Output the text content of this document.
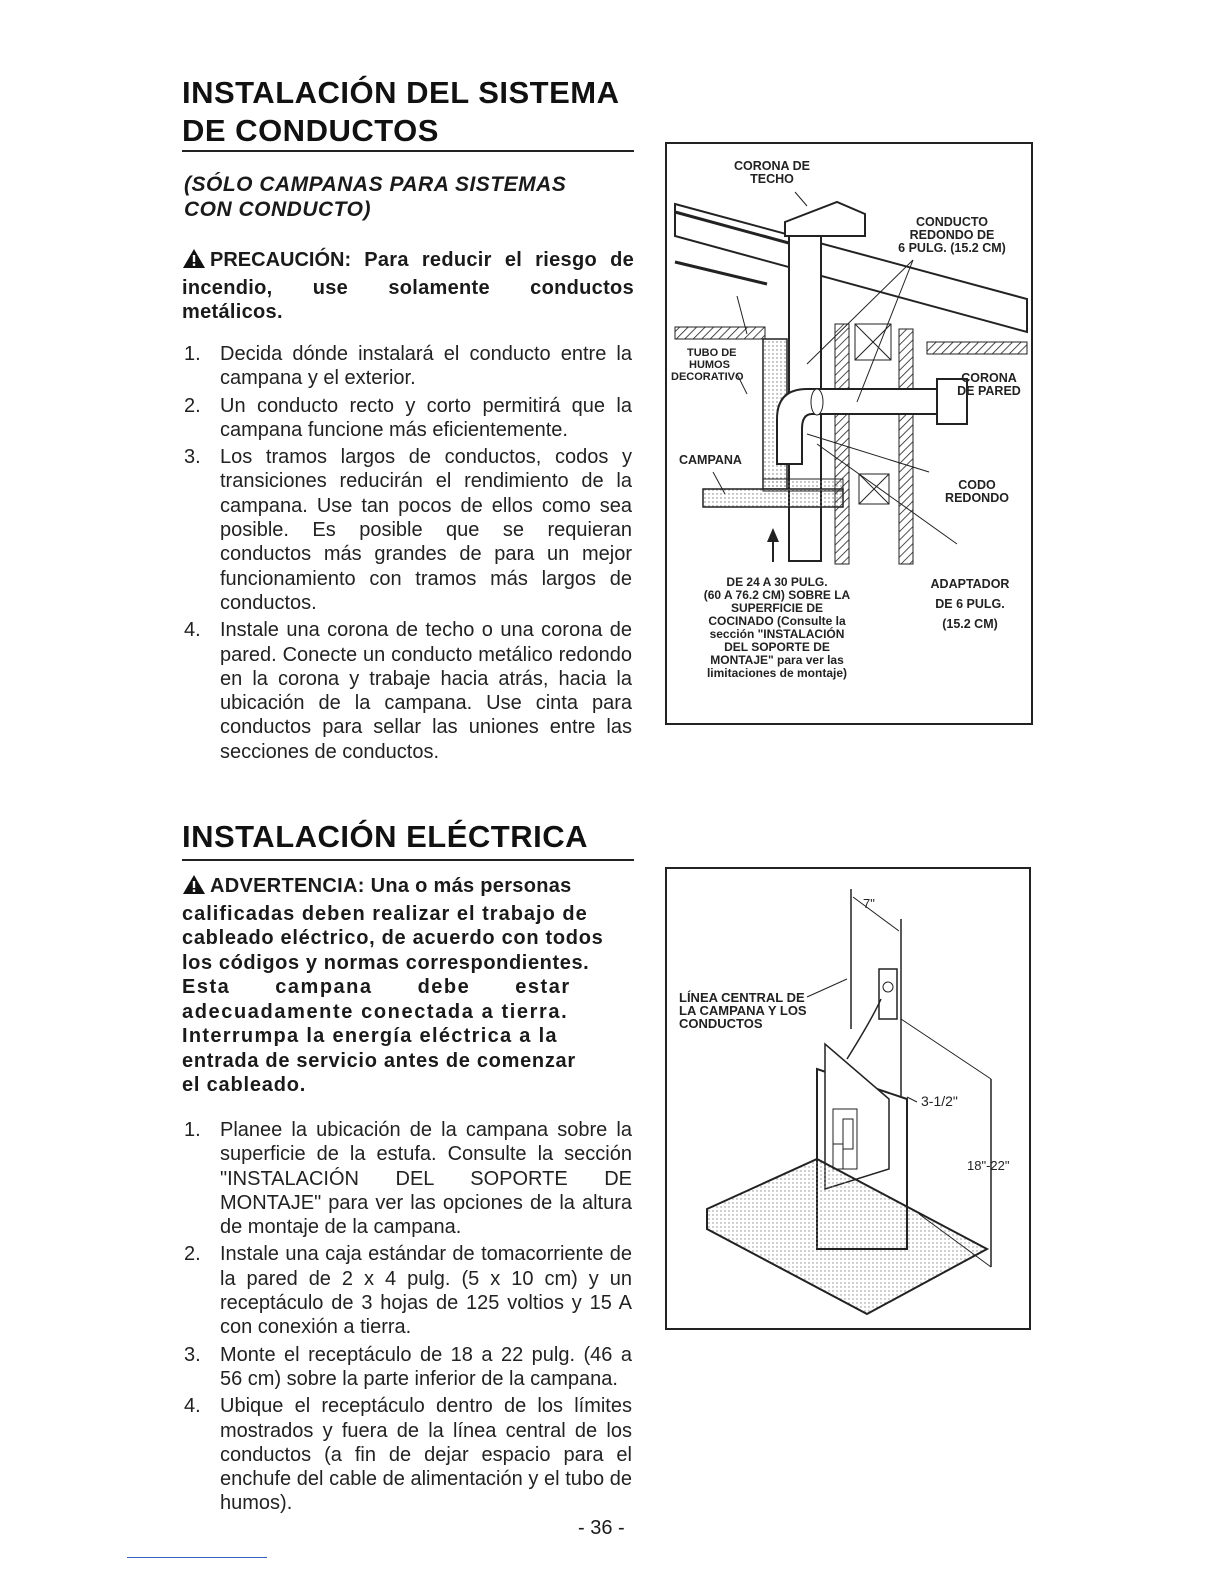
INSTALACIÓN DEL SISTEMA
DE CONDUCTOS
(SÓLO CAMPANAS PARA SISTEMAS
CON CONDUCTO)
PRECAUCIÓN: Para reducir el riesgo de incendio, use solamente conductos metálicos.
1. Decida dónde instalará el conducto entre la campana y el exterior.
2. Un conducto recto y corto permitirá que la campana funcione más eficientemente.
3. Los tramos largos de conductos, codos y transiciones reducirán el rendimiento de la campana. Use tan pocos de ellos como sea posible. Es posible que se requieran conductos más grandes de para un mejor funcionamiento con tramos más largos de conductos.
4. Instale una corona de techo o una corona de pared. Conecte un conducto metálico redondo en la corona y trabaje hacia atrás, hacia la ubicación de la campana. Use cinta para conductos para sellar las uniones entre las secciones de conductos.
CORONA DE
TECHO
CONDUCTO
REDONDO DE
6 PULG. (15.2 CM)
TUBO DE
HUMOS
DECORATIVO	CORONA
DE PARED
CAMPANA
CODO
REDONDO
DE 24 A 30 PULG.
(60 A 76.2 CM) SOBRE LA
SUPERFICIE DE
COCINADO (Consulte la
sección "INSTALACIÓN
DEL SOPORTE DE
MONTAJE" para ver las
limitaciones de montaje)
ADAPTADOR
DE 6 PULG.
(15.2 CM)
INSTALACIÓN ELÉCTRICA
ADVERTENCIA: Una o más personas
calificadas deben realizar el trabajo de
cableado eléctrico, de acuerdo con todos
los códigos y normas correspondientes.
Esta campana debe estar
adecuadamente conectada a tierra.
Interrumpa la energía eléctrica a la
entrada de servicio antes de comenzar
el cableado.
1. Planee la ubicación de la campana sobre la superficie de la estufa. Consulte la sección "INSTALACIÓN DEL SOPORTE DE MONTAJE" para ver las opciones de la altura de montaje de la campana.
2. Instale una caja estándar de tomacorriente de la pared de 2 x 4 pulg. (5 x 10 cm) y un receptáculo de 3 hojas de 125 voltios y 15 A con conexión a tierra.
3. Monte el receptáculo de 18 a 22 pulg. (46 a 56 cm) sobre la parte inferior de la campana.
4. Ubique el receptáculo dentro de los límites mostrados y fuera de la línea central de los conductos (a fin de dejar espacio para el enchufe del cable de alimentación y el tubo de humos).
7"
LÍNEA CENTRAL DE
LA CAMPANA Y LOS
CONDUCTOS
3-1/2"
18"-22"
- 36 -
